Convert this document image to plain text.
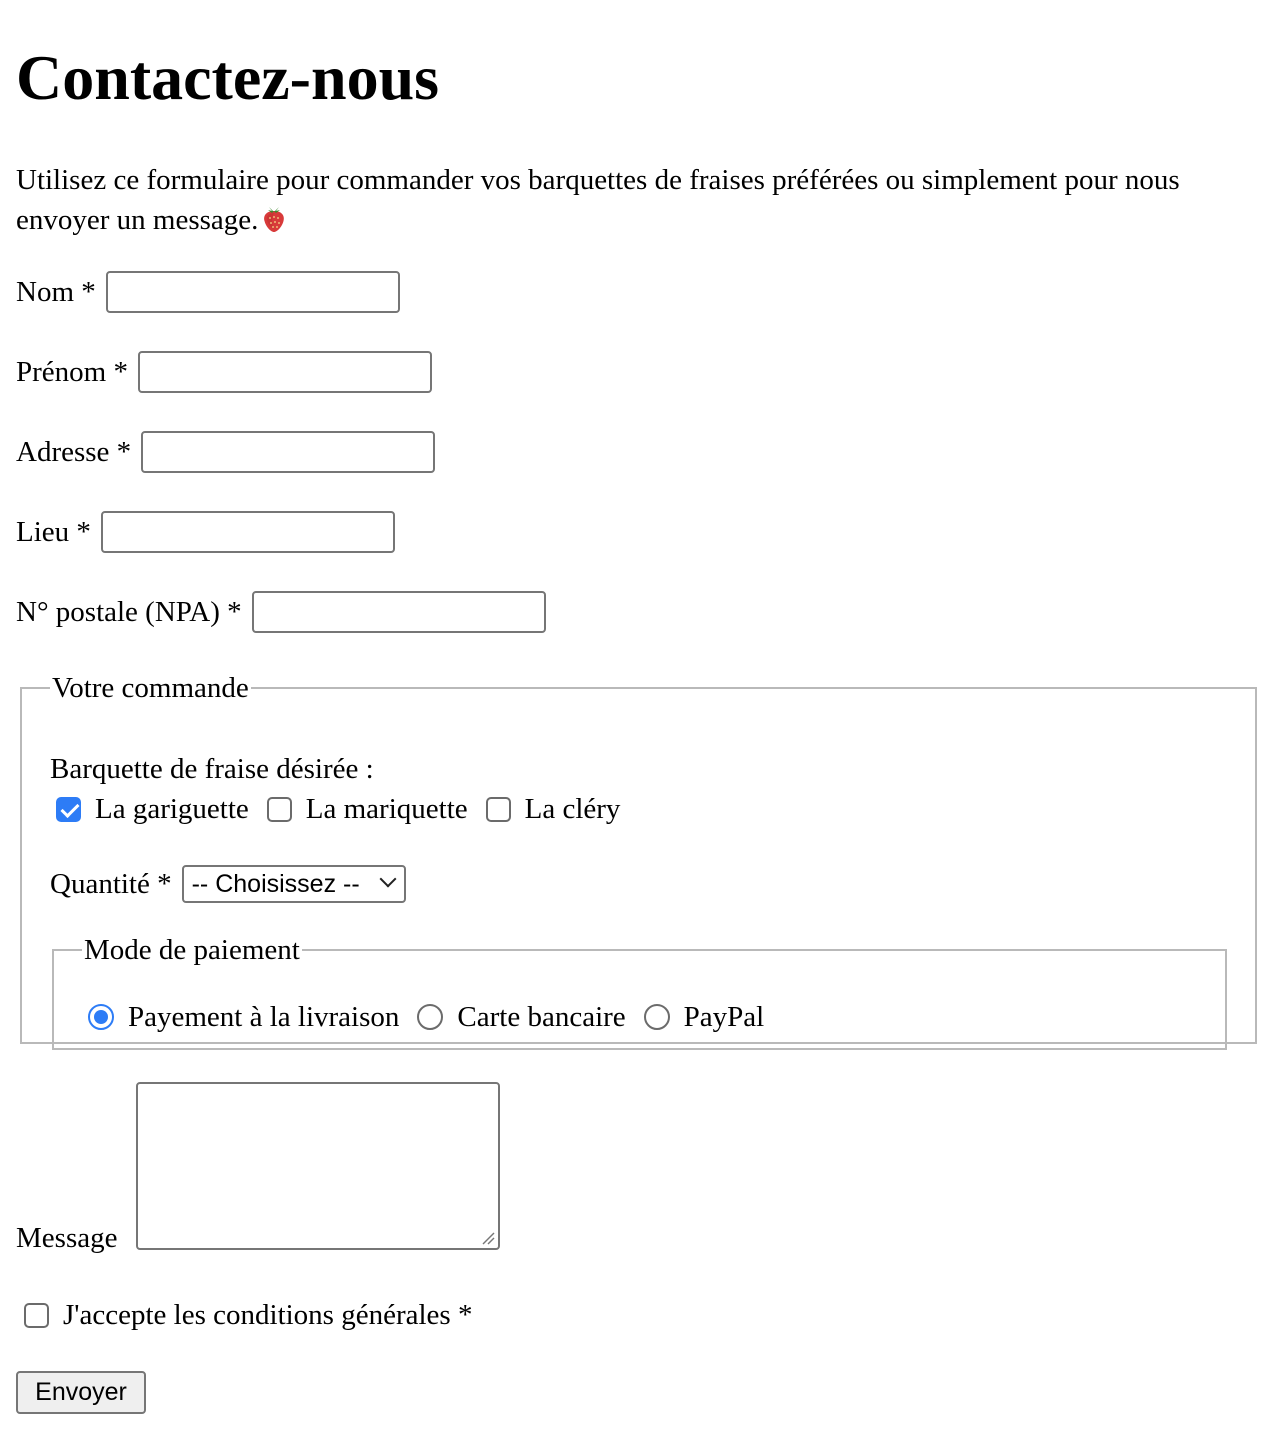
Contactez-nous

Utilisez ce formulaire pour commander vos barquettes de fraises préférées ou simplement pour nous envoyer un message.

Nom *
Prénom *
Adresse *
Lieu *
N° postale (NPA) *
Votre commande
Barquette de fraise désirée :
La gariguette La mariquette La cléry
Quantité * -- Choisissez --
Mode de paiement
Payement à la livraison Carte bancaire PayPal
Message
J'accepte les conditions générales *
Envoyer
